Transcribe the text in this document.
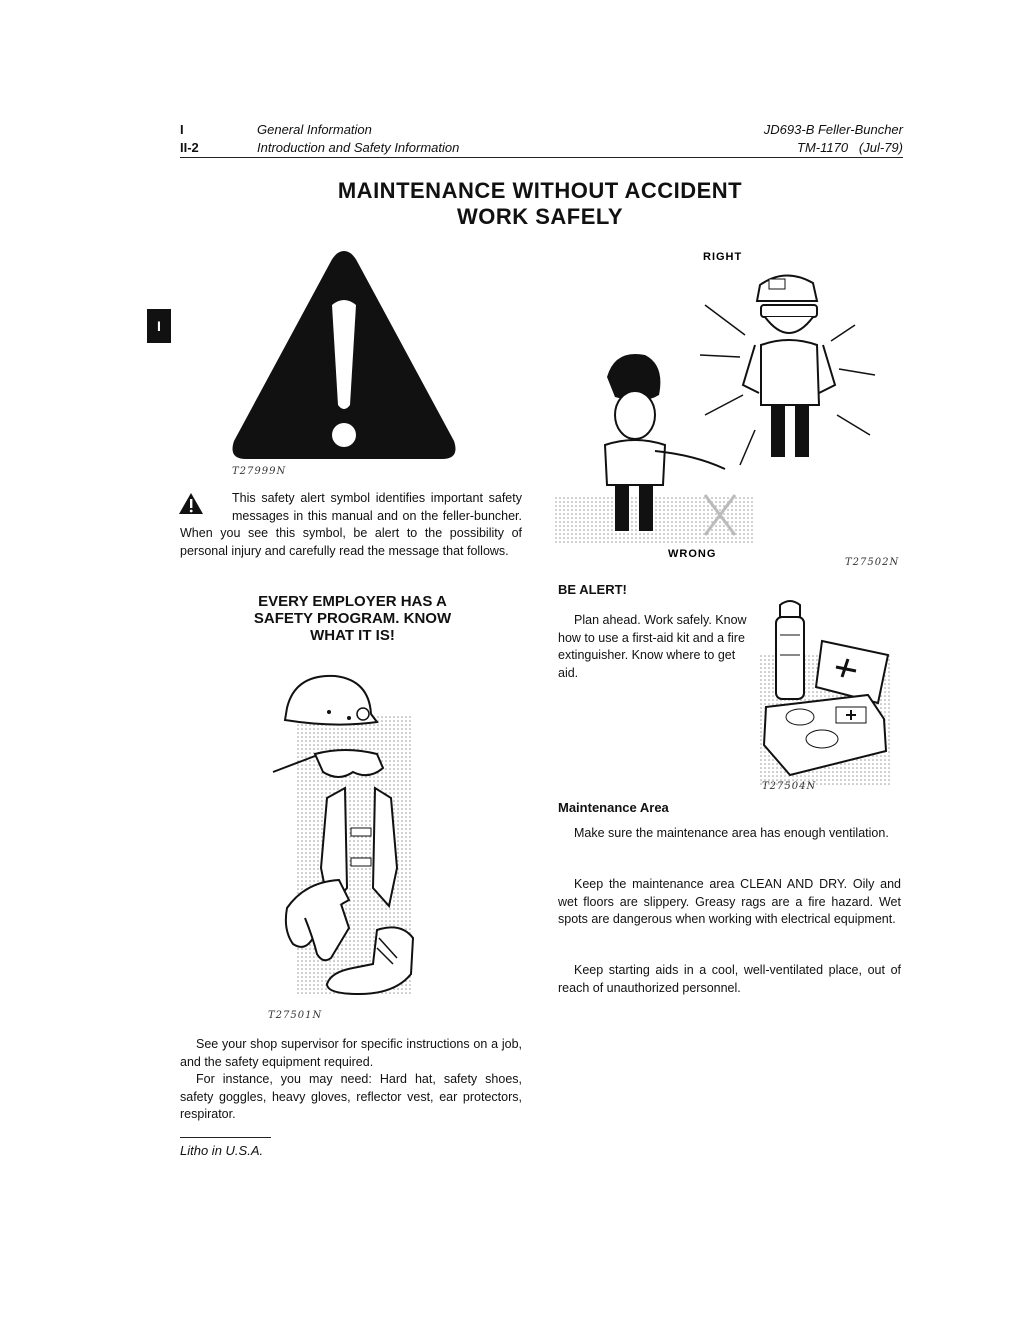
I
II-2
General Information
Introduction and Safety Information
JD693-B Feller-Buncher
TM-1170   (Jul-79)
I
MAINTENANCE WITHOUT ACCIDENT
WORK SAFELY
T27999N
This safety alert symbol identifies important safety messages in this manual and on the feller-buncher. When you see this symbol, be alert to the possibility of personal injury and carefully read the message that follows.
EVERY EMPLOYER HAS A
SAFETY PROGRAM. KNOW
WHAT IT IS!
T27501N
See your shop supervisor for specific instructions on a job, and the safety equipment required.
For instance, you may need: Hard hat, safety shoes, safety goggles, heavy gloves, reflector vest, ear protectors, respirator.
Litho in U.S.A.
RIGHT
WRONG
T27502N
BE ALERT!
Plan ahead. Work safely. Know how to use a first-aid kit and a fire extinguisher. Know where to get aid.
T27504N
Maintenance Area
Make sure the maintenance area has enough ventilation.
Keep the maintenance area CLEAN AND DRY. Oily and wet floors are slippery. Greasy rags are a fire hazard. Wet spots are dangerous when working with electrical equipment.
Keep starting aids in a cool, well-ventilated place, out of reach of unauthorized personnel.
